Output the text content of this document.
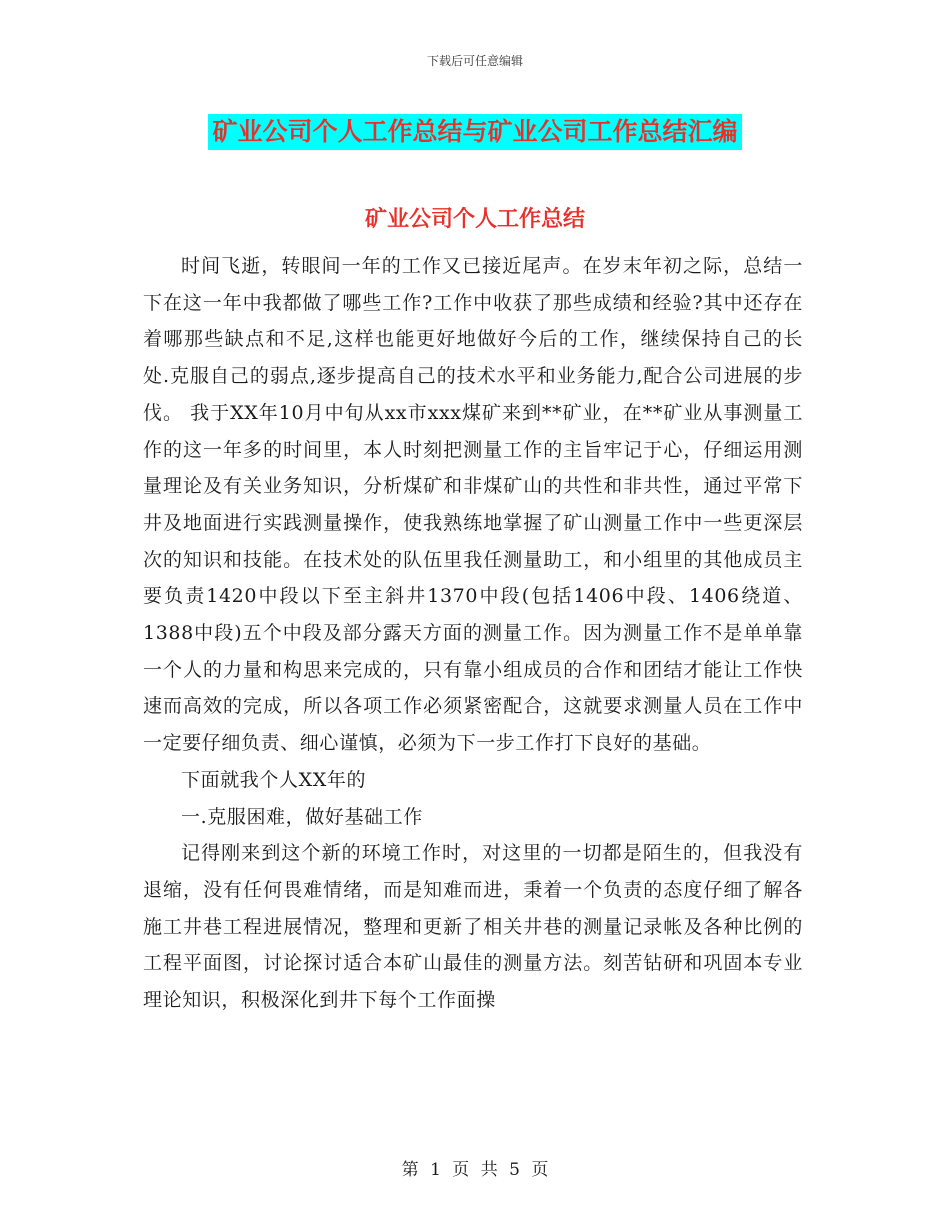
下载后可任意编辑
矿业公司个人工作总结与矿业公司工作总结汇编
矿业公司个人工作总结

时间飞逝，转眼间一年的工作又已接近尾声。在岁末年初之际，总结一下在这一年中我都做了哪些工作?工作中收获了那些成绩和经验?其中还存在着哪那些缺点和不足,这样也能更好地做好今后的工作，继续保持自己的长处.克服自己的弱点,逐步提高自己的技术水平和业务能力,配合公司进展的步伐。 我于XX年10月中旬从xx市xxx煤矿来到**矿业，在**矿业从事测量工作的这一年多的时间里，本人时刻把测量工作的主旨牢记于心，仔细运用测量理论及有关业务知识，分析煤矿和非煤矿山的共性和非共性，通过平常下井及地面进行实践测量操作，使我熟练地掌握了矿山测量工作中一些更深层次的知识和技能。在技术处的队伍里我任测量助工，和小组里的其他成员主要负责1420中段以下至主斜井1370中段(包括1406中段、1406绕道、1388中段)五个中段及部分露天方面的测量工作。因为测量工作不是单单靠一个人的力量和构思来完成的，只有靠小组成员的合作和团结才能让工作快速而高效的完成，所以各项工作必须紧密配合，这就要求测量人员在工作中一定要仔细负责、细心谨慎，必须为下一步工作打下良好的基础。

下面就我个人XX年的

一.克服困难，做好基础工作

记得刚来到这个新的环境工作时，对这里的一切都是陌生的，但我没有退缩，没有任何畏难情绪，而是知难而进，秉着一个负责的态度仔细了解各施工井巷工程进展情况，整理和更新了相关井巷的测量记录帐及各种比例的工程平面图，讨论探讨适合本矿山最佳的测量方法。刻苦钻研和巩固本专业理论知识，积极深化到井下每个工作面操

第 1 页 共 5 页
